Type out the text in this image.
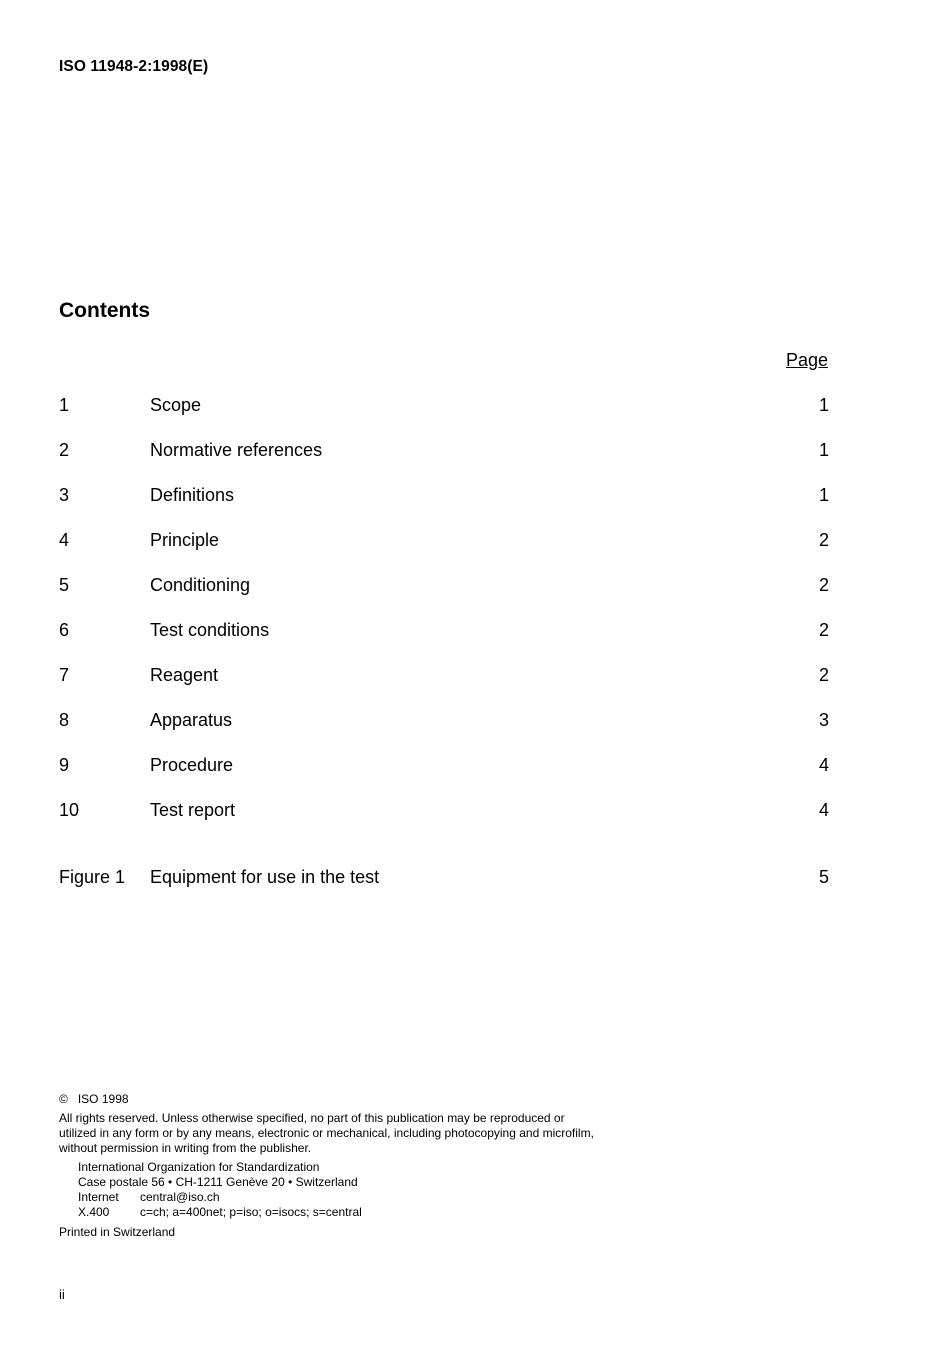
ISO 11948-2:1998(E)
Contents
Page
1	Scope	1
2	Normative references	1
3	Definitions	1
4	Principle	2
5	Conditioning	2
6	Test conditions	2
7	Reagent	2
8	Apparatus	3
9	Procedure	4
10	Test report	4
Figure 1 Equipment for use in the test	5
© ISO 1998
All rights reserved. Unless otherwise specified, no part of this publication may be reproduced or utilized in any form or by any means, electronic or mechanical, including photocopying and microfilm, without permission in writing from the publisher.
International Organization for Standardization
Case postale 56 • CH-1211 Genève 20 • Switzerland
Internet central@iso.ch
X.400	c=ch; a=400net; p=iso; o=isocs; s=central
Printed in Switzerland
ii
